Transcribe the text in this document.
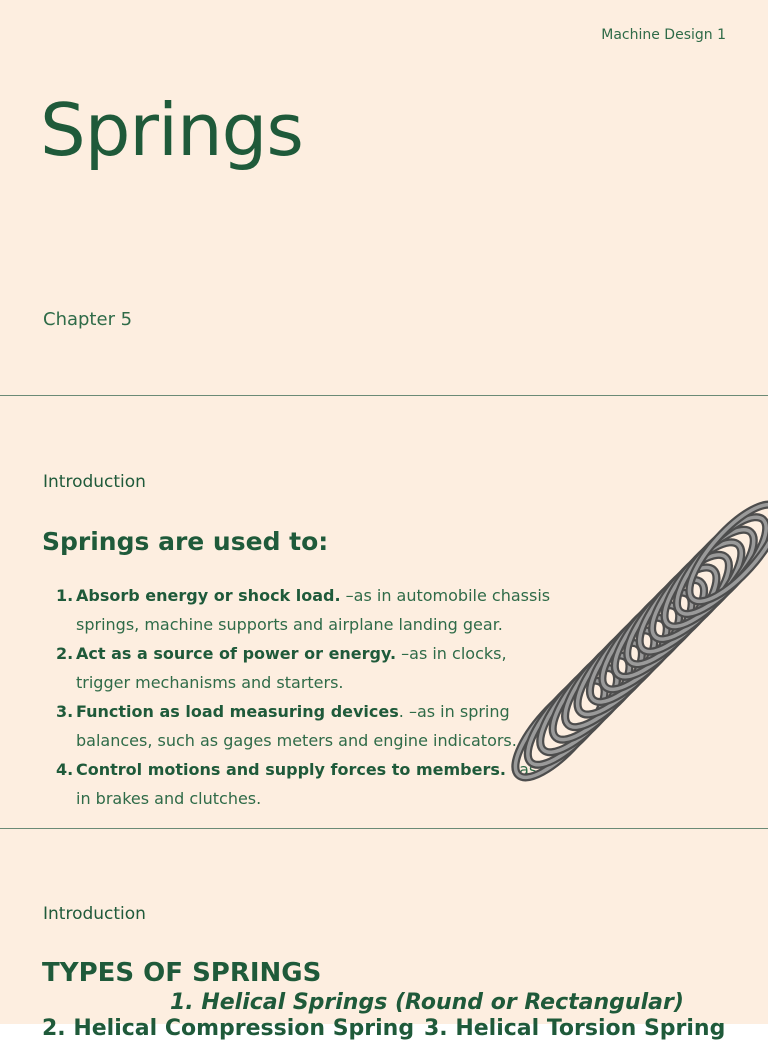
Machine Design 1
Springs
Chapter 5
Introduction
Springs are used to:
1. Absorb energy or shock load. –as in automobile chassis springs, machine supports and airplane landing gear.
2. Act as a source of power or energy. –as in clocks, trigger mechanisms and starters.
3. Function as load measuring devices. –as in spring balances, such as gages meters and engine indicators.
4. Control motions and supply forces to members. –as in brakes and clutches.
Introduction
TYPES OF SPRINGS
1. Helical Springs (Round or Rectangular)
2. Helical Compression Spring 3. Helical Torsion Spring
